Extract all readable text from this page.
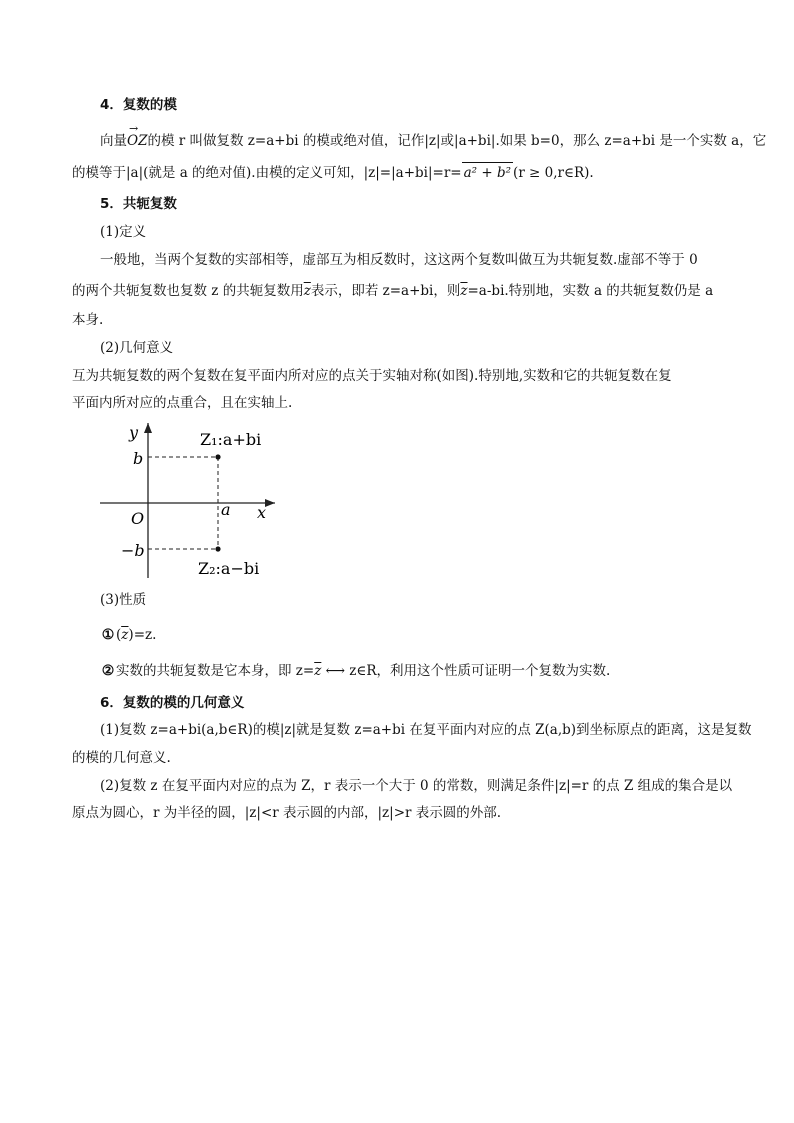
4．复数的模
向量→ OZ的模 r 叫做复数 z=a+bi 的模或绝对值，记作|z|或|a+bi|.如果 b=0，那么 z=a+bi 是一个实数 a，它
的模等于|a|(就是 a 的绝对值).由模的定义可知，|z|=|a+bi|=r= a² + b² (r ≥ 0,r∈R).
5．共轭复数
(1)定义
一般地，当两个复数的实部相等，虚部互为相反数时，这这两个复数叫做互为共轭复数.虚部不等于 0
的两个共轭复数也复数 z 的共轭复数用$\overline{z}$表示，即若 z=a+bi，则$\overline{z}=a-bi$.特别地，实数 a 的共轭复数仍是 a
本身.
(2)几何意义
互为共轭复数的两个复数在复平面内所对应的点关于实轴对称(如图).特别地,实数和它的共轭复数在复
平面内所对应的点重合，且在实轴上.
y
x
O
b
−b
a
Z₁:a+bi
Z₂:a−bi
(3)性质
① (z)=z.
② 实数的共轭复数是它本身，即 $z=\overline{z}$ ⟷ z∈R，利用这个性质可证明一个复数为实数.
6．复数的模的几何意义
(1)复数 z=a+bi(a,b∈R)的模|z|就是复数 z=a+bi 在复平面内对应的点 Z(a,b)到坐标原点的距离，这是复数
的模的几何意义.
(2)复数 z 在复平面内对应的点为 Z，r 表示一个大于 0 的常数，则满足条件|z|=r 的点 Z 组成的集合是以
原点为圆心，r 为半径的圆，|z|<r 表示圆的内部，|z|>r 表示圆的外部.
